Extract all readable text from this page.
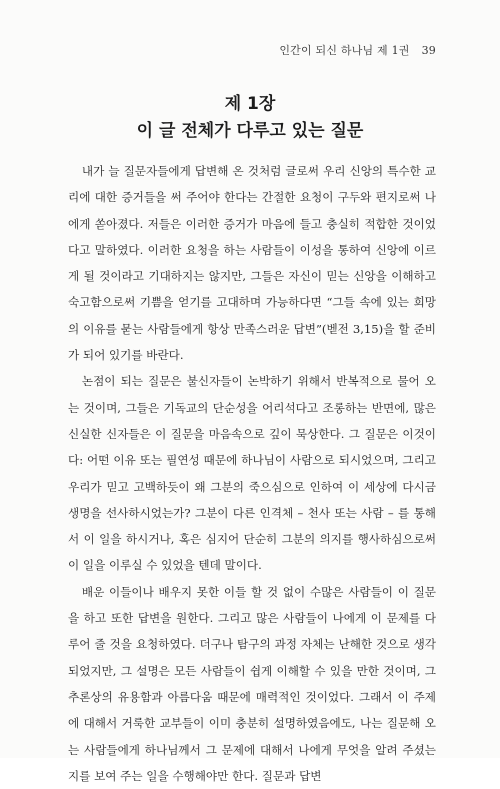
인간이 되신 하나님 제 1권 39
제 1장
이 글 전체가 다루고 있는 질문

내가 늘 질문자들에게 답변해 온 것처럼 글로써 우리 신앙의 특수한 교리에 대한 증거들을 써 주어야 한다는 간절한 요청이 구두와 편지로써 나에게 쏟아졌다. 저들은 이러한 증거가 마음에 들고 충실히 적합한 것이었다고 말하였다. 이러한 요청을 하는 사람들이 이성을 통하여 신앙에 이르게 될 것이라고 기대하지는 않지만, 그들은 자신이 믿는 신앙을 이해하고 숙고함으로써 기쁨을 얻기를 고대하며 가능하다면 “그들 속에 있는 희망의 이유를 묻는 사람들에게 항상 만족스러운 답변”(벧전 3,15)을 할 준비가 되어 있기를 바란다.

논점이 되는 질문은 불신자들이 논박하기 위해서 반복적으로 물어 오는 것이며, 그들은 기독교의 단순성을 어리석다고 조롱하는 반면에, 많은 신실한 신자들은 이 질문을 마음속으로 깊이 묵상한다. 그 질문은 이것이다: 어떤 이유 또는 필연성 때문에 하나님이 사람으로 되시었으며, 그리고 우리가 믿고 고백하듯이 왜 그분의 죽으심으로 인하여 이 세상에 다시금 생명을 선사하시었는가? 그분이 다른 인격체 – 천사 또는 사람 – 를 통해서 이 일을 하시거나, 혹은 심지어 단순히 그분의 의지를 행사하심으로써 이 일을 이루실 수 있었을 텐데 말이다.

배운 이들이나 배우지 못한 이들 할 것 없이 수많은 사람들이 이 질문을 하고 또한 답변을 원한다. 그리고 많은 사람들이 나에게 이 문제를 다루어 줄 것을 요청하였다. 더구나 탐구의 과정 자체는 난해한 것으로 생각되었지만, 그 설명은 모든 사람들이 쉽게 이해할 수 있을 만한 것이며, 그 추론상의 유용함과 아름다움 때문에 매력적인 것이었다. 그래서 이 주제에 대해서 거룩한 교부들이 이미 충분히 설명하였음에도, 나는 질문해 오는 사람들에게 하나님께서 그 문제에 대해서 나에게 무엇을 알려 주셨는지를 보여 주는 일을 수행해야만 한다. 질문과 답변
